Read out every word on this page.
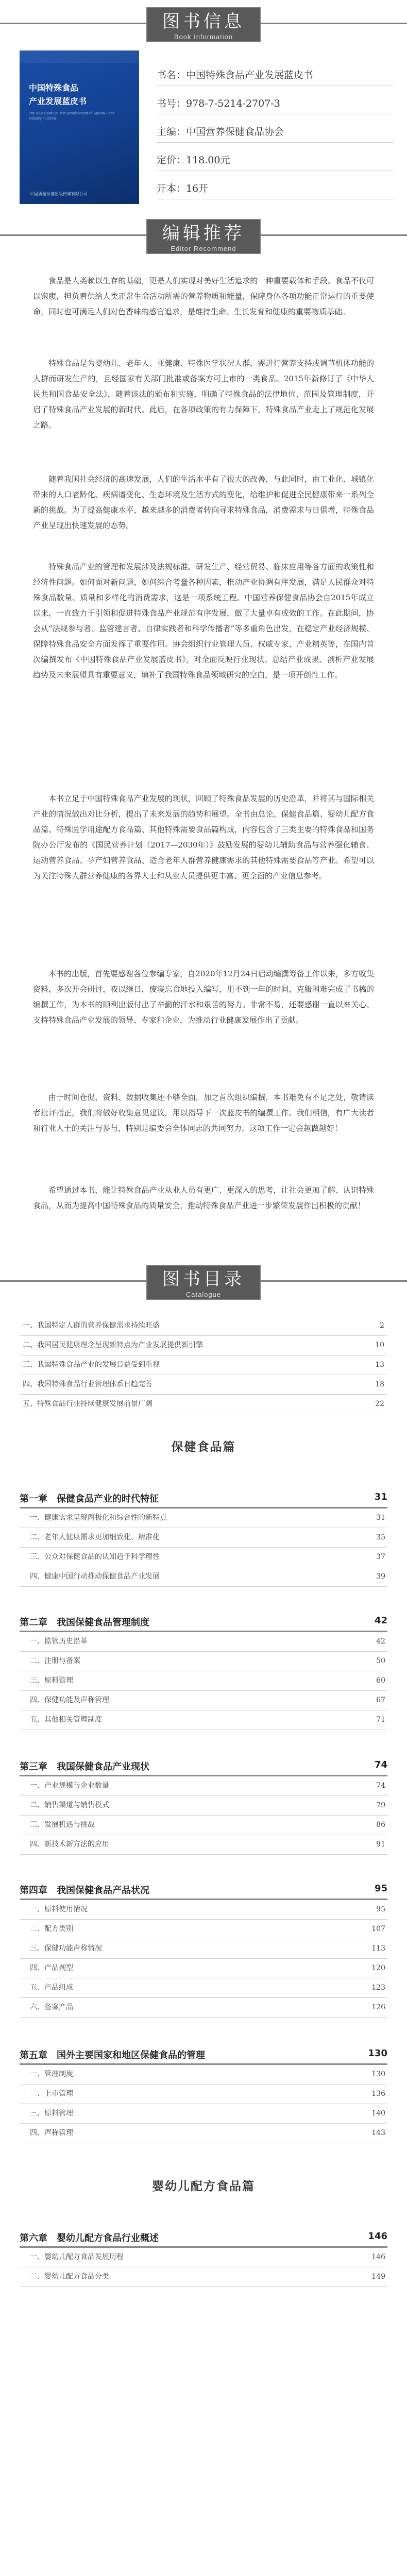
图书信息
Book Information
中国特殊食品
产业发展蓝皮书
The Blue Book On The Development Of Special Food Industry In China
中国质量标准出版传媒有限公司
书名：中国特殊食品产业发展蓝皮书
书号：978-7-5214-2707-3
主编：中国营养保健食品协会
定价：118.00元
开本：16开
编辑推荐
Editor Recommend

食品是人类赖以生存的基础，更是人们实现对美好生活追求的一种重要载体和手段。食品不仅可以饱腹，担负着供给人类正常生命活动所需的营养物质和能量，保障身体各项功能正常运行的重要使命，同时也可满足人们对色香味的感官追求，是维持生命、生长发育和健康的重要物质基础。

特殊食品是为婴幼儿、老年人、亚健康、特殊医学状况人群，需进行营养支持或调节机体功能的人群而研发生产的，且经国家有关部门批准或备案方可上市的一类食品。2015年新修订了《中华人民共和国食品安全法》，随着该法的颁布和实施，明确了特殊食品的法律地位、范围及管理制度，开启了特殊食品产业发展的新时代。此后，在各项政策的有力保障下，特殊食品产业走上了规范化发展之路。

随着我国社会经济的高速发展，人们的生活水平有了很大的改善，与此同时，由工业化、城镇化带来的人口老龄化、疾病谱变化、生态环境及生活方式的变化，给维护和促进全民健康带来一系列全新的挑战。为了提高健康水平，越来越多的消费者转向寻求特殊食品，消费需求与日俱增，特殊食品产业呈现出快速发展的态势。

特殊食品产业的管理和发展涉及法规标准、研发生产、经营贸易、临床应用等各方面的政策性和经济性问题。如何面对新问题，如何综合考量各种因素，推动产业协调有序发展，满足人民群众对特殊食品数量、质量和多样化的消费需求，这是一项系统工程。中国营养保健食品协会自2015年成立以来，一直致力于引领和促进特殊食品产业规范有序发展，做了大量卓有成效的工作。在此期间，协会从“法规参与者、监管建言者、自律实践者和科学传播者”等多重角色出发，在稳定产业经济规模、保障特殊食品安全方面发挥了重要作用。协会组织行业管理人员、权威专家、产业精英等，在国内首次编撰发布《中国特殊食品产业发展蓝皮书》，对全面反映行业现状、总结产业成果、剖析产业发展趋势及未来展望具有重要意义，填补了我国特殊食品领域研究的空白，是一项开创性工作。

本书立足于中国特殊食品产业发展的现状，回顾了特殊食品发展的历史沿革，并将其与国际相关产业的情况做出对比分析，提出了未来发展的趋势和展望。全书由总论、保健食品篇、婴幼儿配方食品篇、特殊医学用途配方食品篇、其他特殊需要食品篇构成，内容包含了三类主要的特殊食品和国务院办公厅发布的《国民营养计划（2017—2030年）》鼓励发展的婴幼儿辅助食品与营养强化辅食、运动营养食品、孕产妇营养食品、适合老年人群营养健康需求的其他特殊需要食品等产业。希望可以为关注特殊人群营养健康的各界人士和从业人员提供更丰富、更全面的产业信息参考。

本书的出版，首先要感谢各位参编专家，自2020年12月24日启动编撰筹备工作以来，多方收集资料，多次开会研讨，夜以继日，废寝忘食地投入编写，用不到一年的时间，克服困难完成了书稿的编撰工作，为本书的顺利出版付出了辛勤的汗水和艰苦的努力。非常不易，还要感谢一直以来关心、支持特殊食品产业发展的领导、专家和企业，为推动行业健康发展作出了贡献。

由于时间仓促，资料、数据收集还不够全面，加之首次组织编撰，本书难免有不足之处，敬请读者批评指正，我们将做好收集意见建议，用以指导下一次蓝皮书的编撰工作。我们相信，有广大读者和行业人士的关注与参与，特别是编委会全体同志的共同努力，这项工作一定会越做越好！

希望通过本书，能让特殊食品产业从业人员有更广、更深入的思考，让社会更加了解、认识特殊食品，从而为提高中国特殊食品的质量安全，推动特殊食品产业进一步繁荣发展作出积极的贡献！

图书目录
Catalogue
一、我国特定人群的营养保健需求持续旺盛	2
二、我国居民健康理念呈现新特点为产业发展提供新引擎	10
三、我国特殊食品产业的发展日益受到重视	13
四、我国特殊食品行业管理体系日趋完善	18
五、特殊食品行业持续健康发展前景广阔	22
保健食品篇
第一章　保健食品产业的时代特征	31
一、健康需求呈现两极化和综合性的新特点	31
二、老年人健康需求更加细致化、精准化	35
三、公众对保健食品的认知趋于科学理性	37
四、健康中国行动推动保健食品产业发展	39
第二章　我国保健食品管理制度	42
一、监管历史沿革	42
二、注册与备案	50
三、原料管理	60
四、保健功能及声称管理	67
五、其他相关管理制度	71
第三章　我国保健食品产业现状	74
一、产业规模与企业数量	74
二、销售渠道与销售模式	79
三、发展机遇与挑战	86
四、新技术新方法的应用	91
第四章　我国保健食品产品状况	95
一、原料使用情况	95
二、配方类别	107
三、保健功能声称情况	113
四、产品剂型	120
五、产品组成	123
六、备案产品	126
第五章　国外主要国家和地区保健食品的管理	130
一、管理制度	130
二、上市管理	136
三、原料管理	140
四、声称管理	143
婴幼儿配方食品篇
第六章　婴幼儿配方食品行业概述	146
一、婴幼儿配方食品发展历程	146
二、婴幼儿配方食品分类	149
